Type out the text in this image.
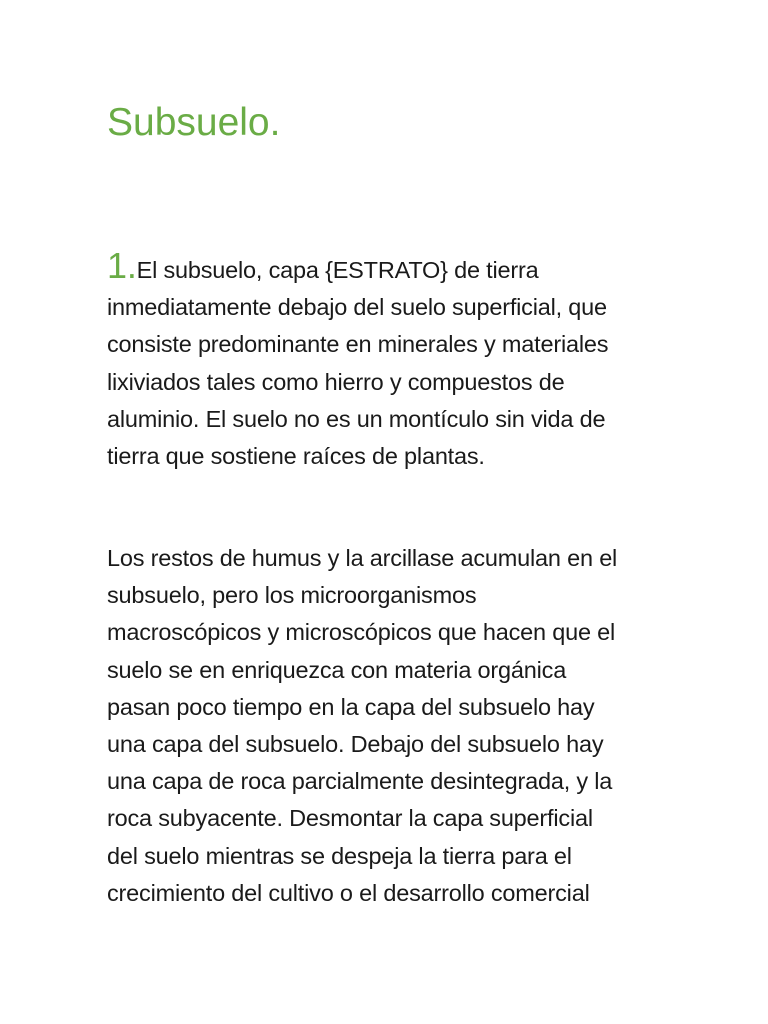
Subsuelo.
1.El subsuelo, capa {ESTRATO} de tierra
inmediatamente debajo del suelo superficial, que
consiste predominante en minerales y materiales
lixiviados tales como hierro y compuestos de
aluminio. El suelo no es un montículo sin vida de
tierra que sostiene raíces de plantas.
Los restos de humus y la arcillase acumulan en el
subsuelo, pero los microorganismos
macroscópicos y microscópicos que hacen que el
suelo se en enriquezca con materia orgánica
pasan poco tiempo en la capa del subsuelo hay
una capa del subsuelo. Debajo del subsuelo hay
una capa de roca parcialmente desintegrada, y la
roca subyacente. Desmontar la capa superficial
del suelo mientras se despeja la tierra para el
crecimiento del cultivo o el desarrollo comercial
